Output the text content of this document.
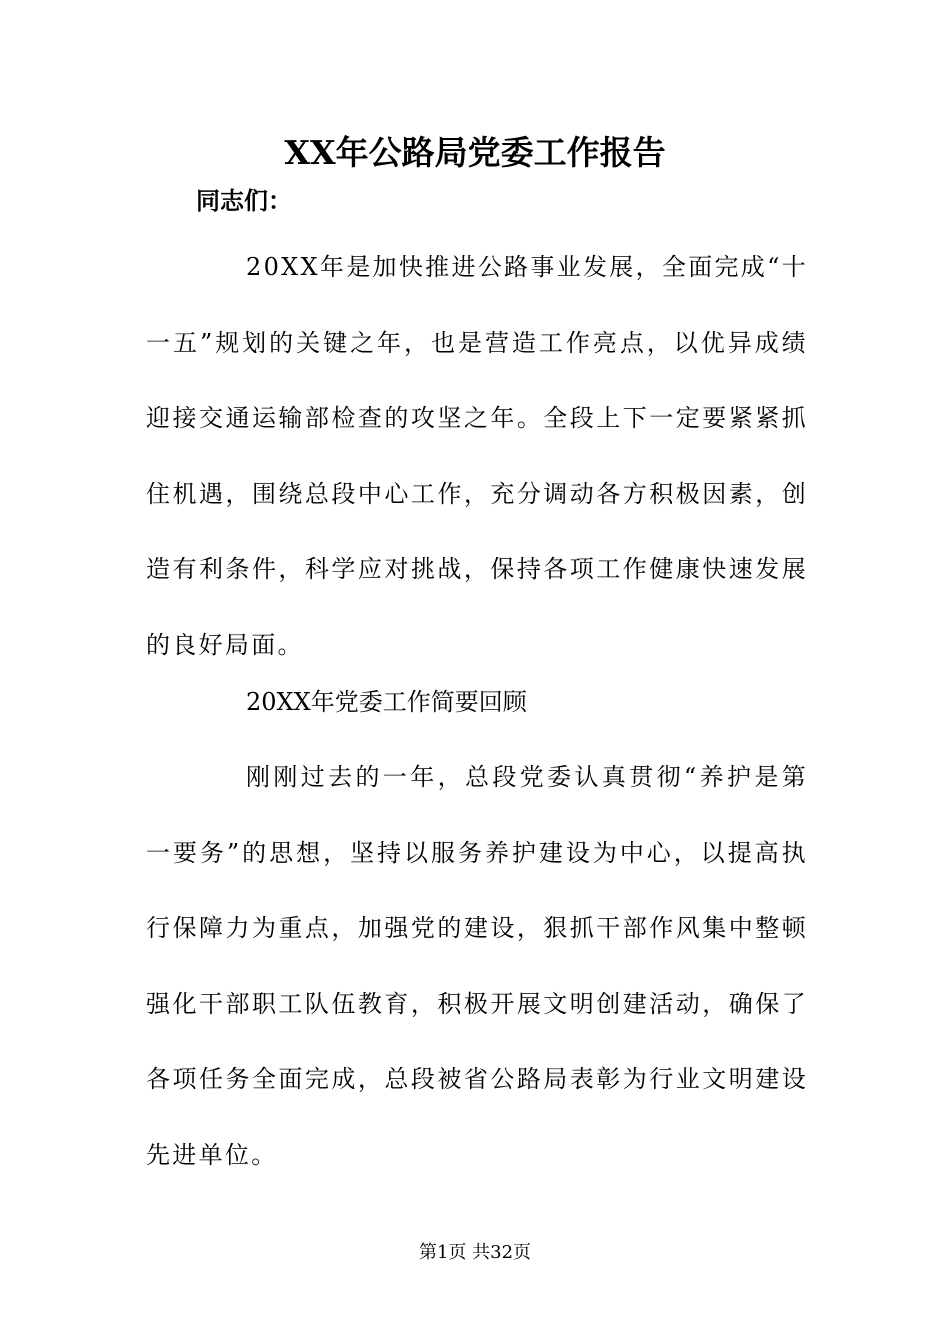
XX年公路局党委工作报告
同志们：

20XX年是加快推进公路事业发展，全面完成“十一五”规划的关键之年，也是营造工作亮点，以优异成绩迎接交通运输部检查的攻坚之年。全段上下一定要紧紧抓住机遇，围绕总段中心工作，充分调动各方积极因素，创造有利条件，科学应对挑战，保持各项工作健康快速发展的良好局面。

20XX年党委工作简要回顾

刚刚过去的一年，总段党委认真贯彻“养护是第一要务”的思想，坚持以服务养护建设为中心，以提高执行保障力为重点，加强党的建设，狠抓干部作风集中整顿强化干部职工队伍教育，积极开展文明创建活动，确保了各项任务全面完成，总段被省公路局表彰为行业文明建设先进单位。

第1页 共32页
